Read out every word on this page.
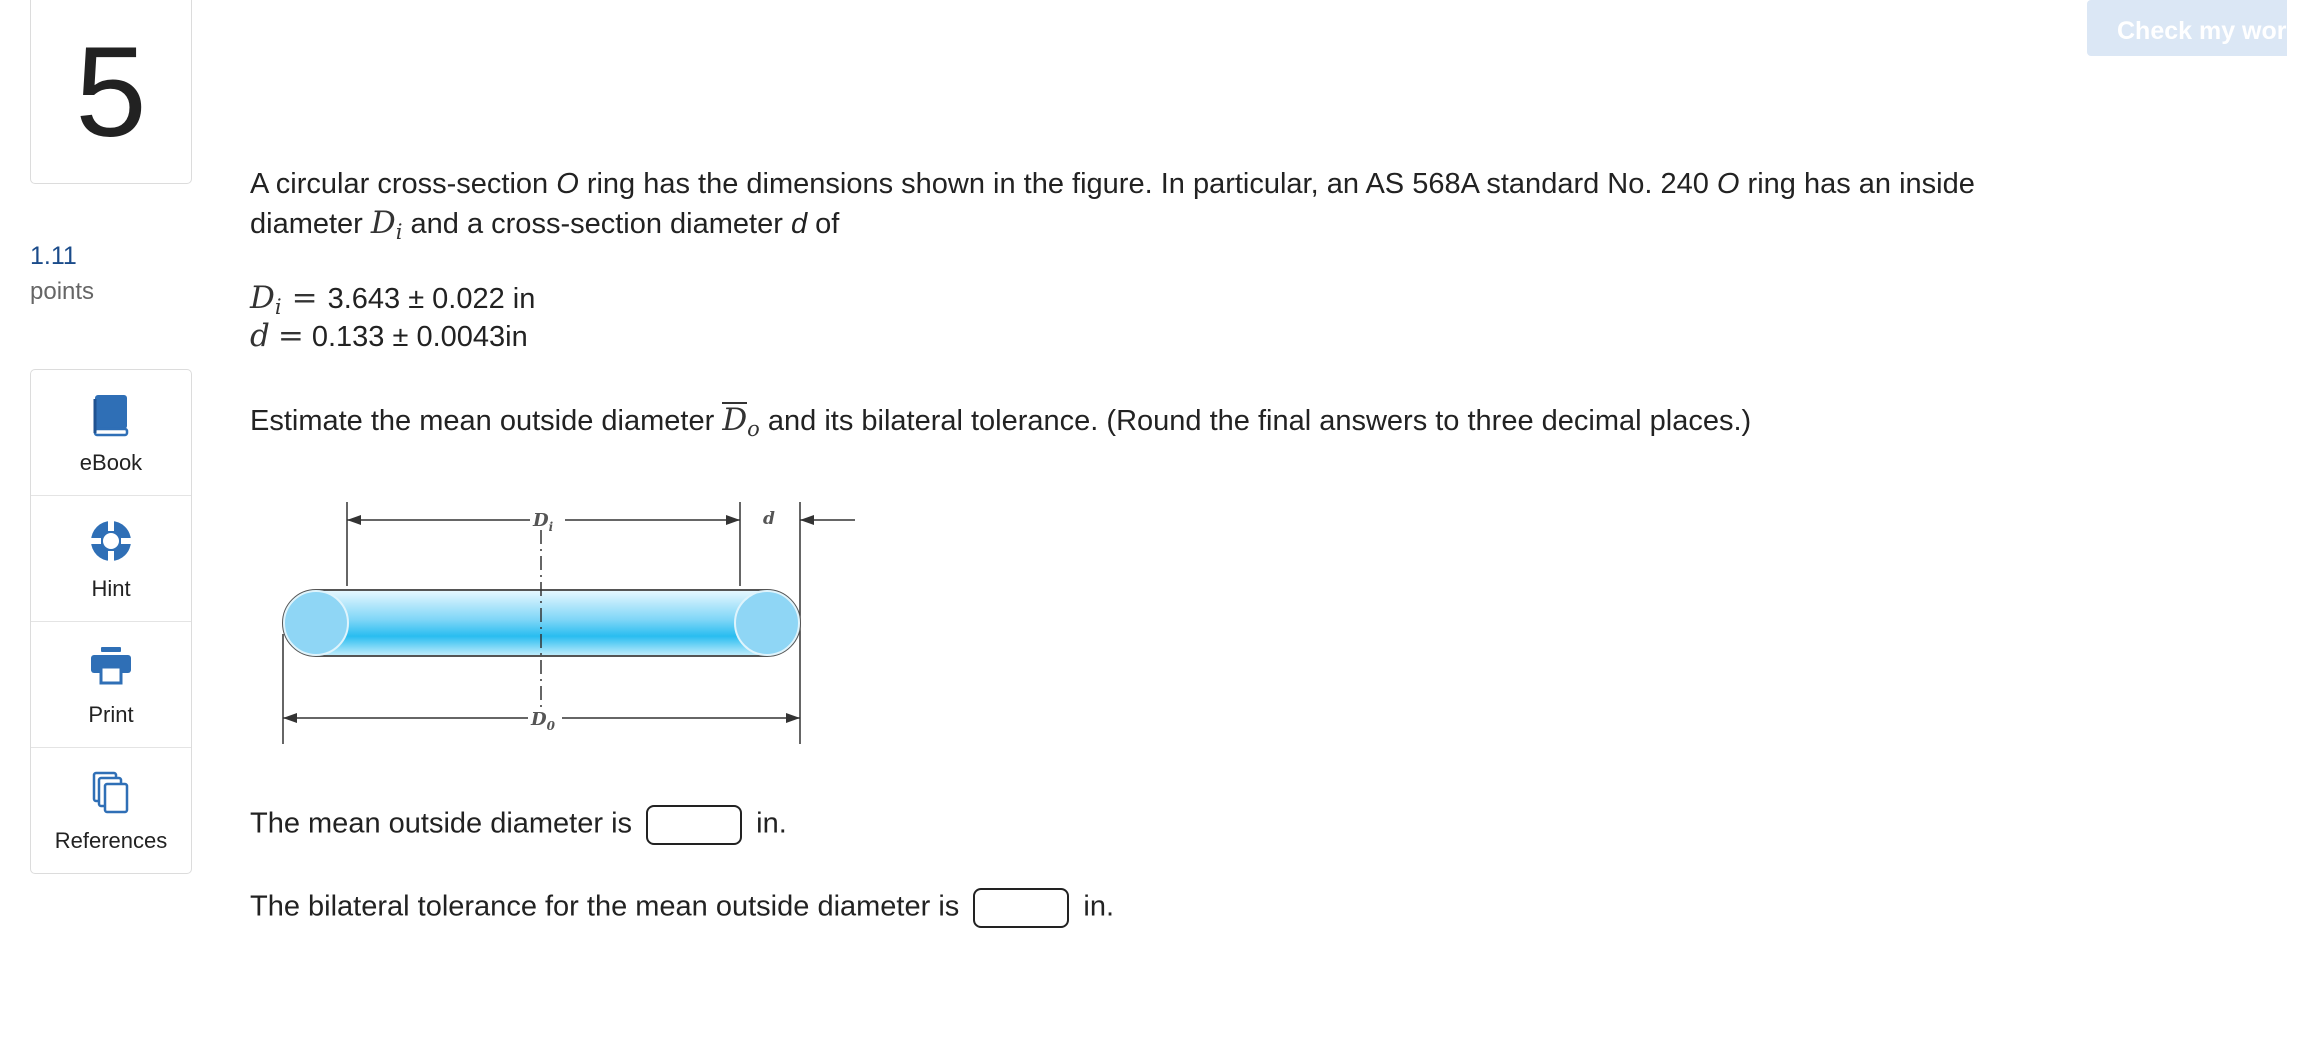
5
1.11
points
eBook
Hint
Print
References
Check my work
A circular cross-section O ring has the dimensions shown in the figure. In particular, an AS 568A standard No. 240 O ring has an inside
diameter $D_i$ and a cross-section diameter d of
$D_i = 3.643 \pm 0.022$ in
d = 0.133 ± 0.0043in
Estimate the mean outside diameter $D_o$ and its bilateral tolerance. (Round the final answers to three decimal places.)
The mean outside diameter is	in.
The bilateral tolerance for the mean outside diameter is	in.
$D_i$	d
$D_0$
